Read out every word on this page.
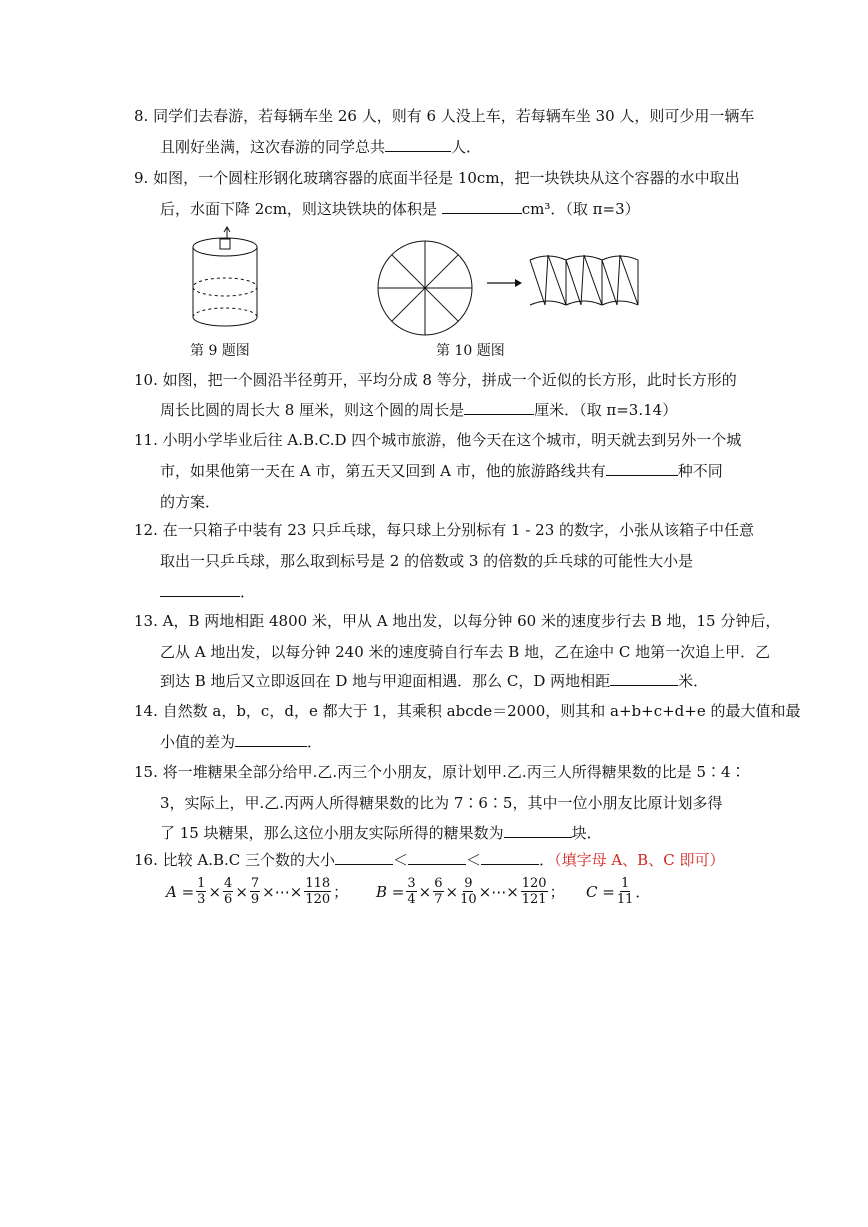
8. 同学们去春游，若每辆车坐 26 人，则有 6 人没上车，若每辆车坐 30 人，则可少用一辆车
且刚好坐满，这次春游的同学总共	人．
9. 如图，一个圆柱形钢化玻璃容器的底面半径是 10cm，把一块铁块从这个容器的水中取出
后，水面下降 2cm，则这块铁块的体积是	cm³．（取 π=3）
第 9 题图	第 10 题图
10. 如图，把一个圆沿半径剪开，平均分成 8 等分，拼成一个近似的长方形，此时长方形的
周长比圆的周长大 8 厘米，则这个圆的周长是	厘米．（取 π=3.14）
11. 小明小学毕业后往 A.B.C.D 四个城市旅游，他今天在这个城市，明天就去到另外一个城
市，如果他第一天在 A 市，第五天又回到 A 市，他的旅游路线共有	种不同
的方案．
12. 在一只箱子中装有 23 只乒乓球，每只球上分别标有 1 - 23 的数字，小张从该箱子中任意
取出一只乒乓球，那么取到标号是 2 的倍数或 3 的倍数的乒乓球的可能性大小是
．
13. A，B 两地相距 4800 米，甲从 A 地出发，以每分钟 60 米的速度步行去 B 地，15 分钟后，
乙从 A 地出发，以每分钟 240 米的速度骑自行车去 B 地，乙在途中 C 地第一次追上甲．乙
到达 B 地后又立即返回在 D 地与甲迎面相遇．那么 C，D 两地相距	米．
14. 自然数 a，b，c，d，e 都大于 1，其乘积 abcde＝2000，则其和 a+b+c+d+e 的最大值和最
小值的差为	．
15. 将一堆糖果全部分给甲.乙.丙三个小朋友，原计划甲.乙.丙三人所得糖果数的比是 5∶4∶
3，实际上，甲.乙.丙两人所得糖果数的比为 7∶6∶5，其中一位小朋友比原计划多得
了 15 块糖果，那么这位小朋友实际所得的糖果数为	块．
16. 比较 A.B.C 三个数的大小	＜	＜	．（填字母 A、B、C 即可）
$A = \frac{1}{3} \times \frac{4}{6} \times \frac{7}{9}$ ×⋯× $\frac{118}{120}$ ； $B = \frac{3}{4} \times \frac{6}{7} \times \frac{9}{10}$ ×⋯× $\frac{120}{121}$ ； $C = \frac{1}{11}$ ．
